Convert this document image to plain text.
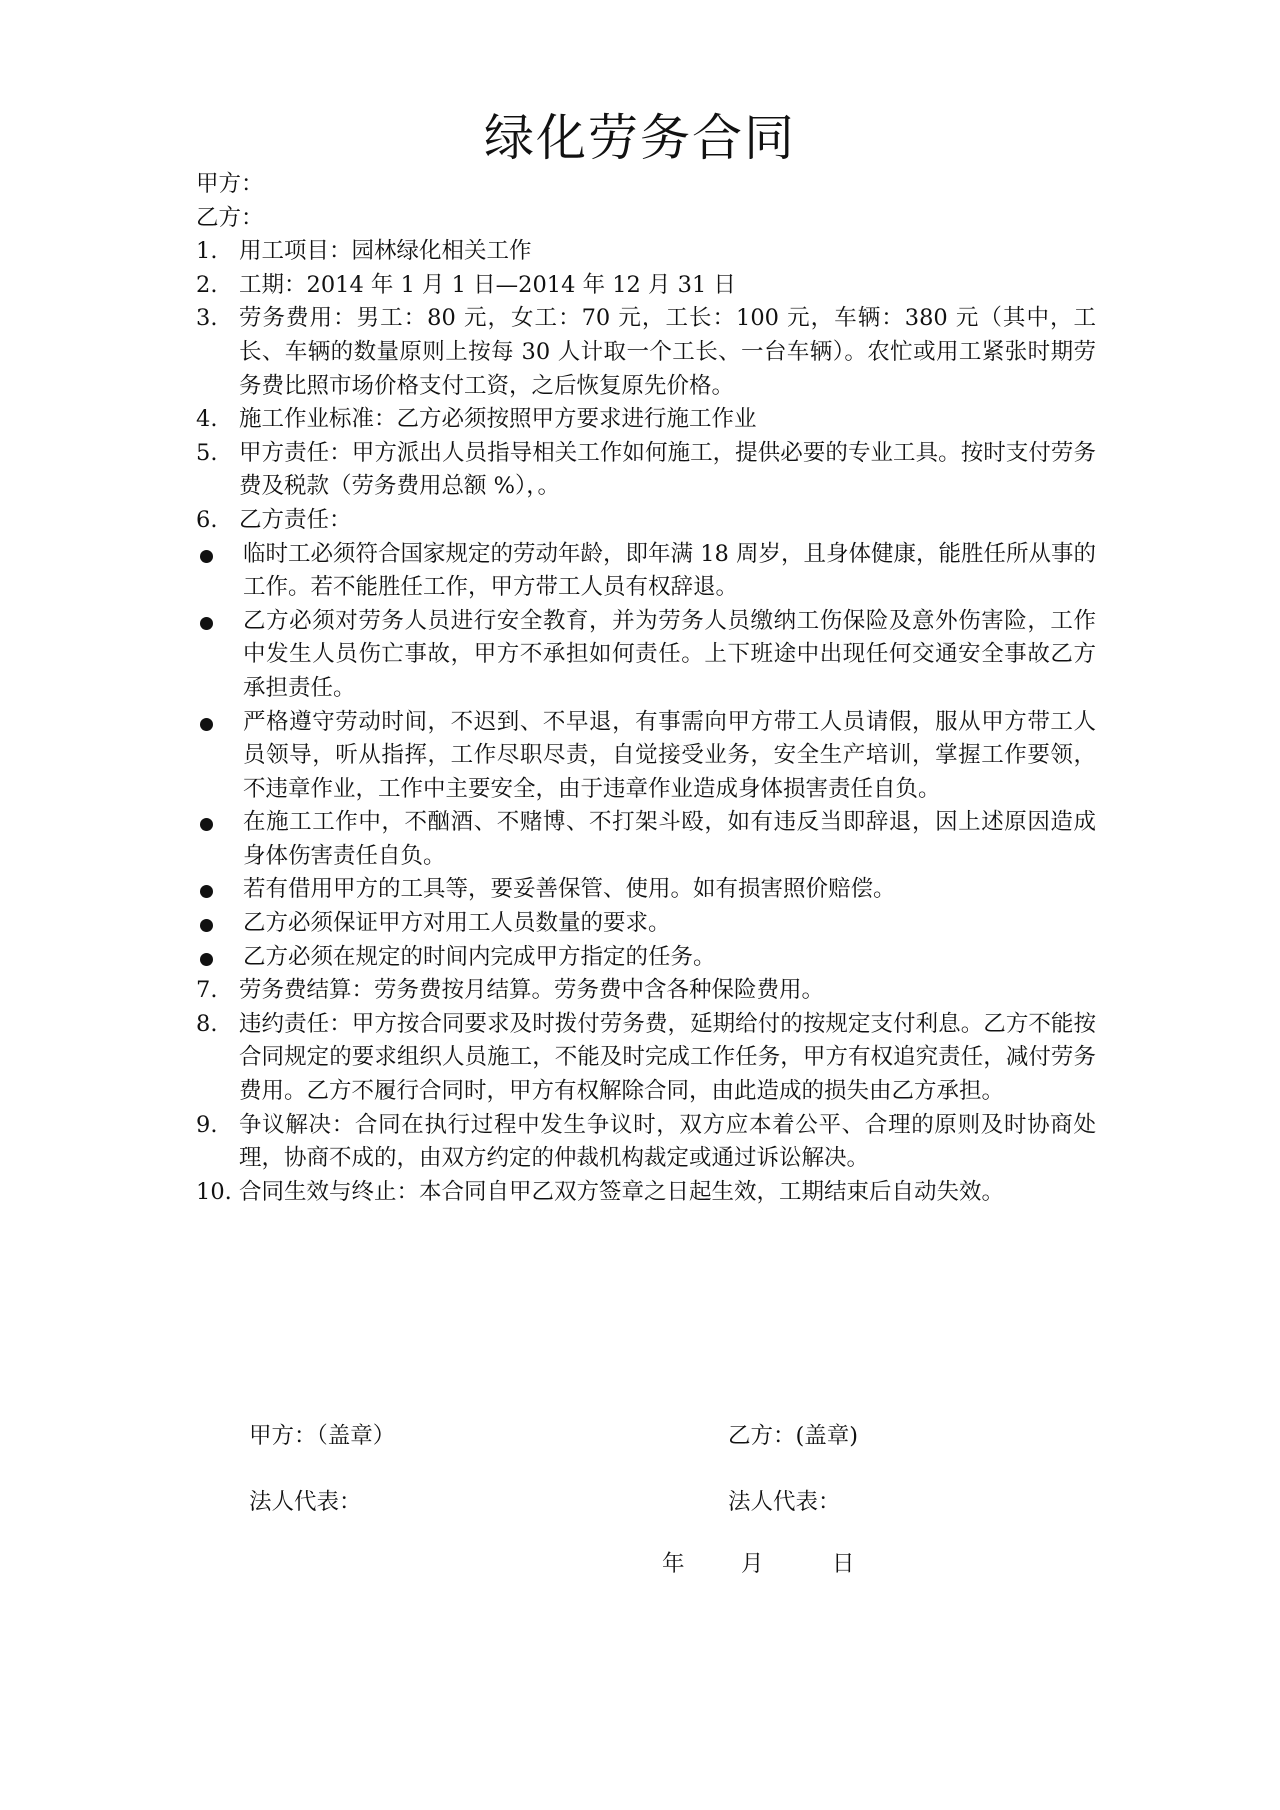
绿化劳务合同
甲方：
乙方：
1. 用工项目：园林绿化相关工作
2. 工期：2014 年 1 月 1 日—2014 年 12 月 31 日
3. 劳务费用：男工：80 元，女工：70 元，工长：100 元，车辆：380 元（其中，工长、车辆的数量原则上按每 30 人计取一个工长、一台车辆）。农忙或用工紧张时期劳务费比照市场价格支付工资，之后恢复原先价格。
4. 施工作业标准：乙方必须按照甲方要求进行施工作业
5. 甲方责任：甲方派出人员指导相关工作如何施工，提供必要的专业工具。按时支付劳务费及税款（劳务费用总额 %），。
6. 乙方责任：
临时工必须符合国家规定的劳动年龄，即年满 18 周岁，且身体健康，能胜任所从事的工作。若不能胜任工作，甲方带工人员有权辞退。
乙方必须对劳务人员进行安全教育，并为劳务人员缴纳工伤保险及意外伤害险，工作中发生人员伤亡事故，甲方不承担如何责任。上下班途中出现任何交通安全事故乙方承担责任。
严格遵守劳动时间，不迟到、不早退，有事需向甲方带工人员请假，服从甲方带工人员领导，听从指挥，工作尽职尽责，自觉接受业务，安全生产培训，掌握工作要领，不违章作业，工作中主要安全，由于违章作业造成身体损害责任自负。
在施工工作中，不酗酒、不赌博、不打架斗殴，如有违反当即辞退，因上述原因造成身体伤害责任自负。
若有借用甲方的工具等，要妥善保管、使用。如有损害照价赔偿。
乙方必须保证甲方对用工人员数量的要求。
乙方必须在规定的时间内完成甲方指定的任务。
7. 劳务费结算：劳务费按月结算。劳务费中含各种保险费用。
8. 违约责任：甲方按合同要求及时拨付劳务费，延期给付的按规定支付利息。乙方不能按合同规定的要求组织人员施工，不能及时完成工作任务，甲方有权追究责任，减付劳务费用。乙方不履行合同时，甲方有权解除合同，由此造成的损失由乙方承担。
9. 争议解决：合同在执行过程中发生争议时，双方应本着公平、合理的原则及时协商处理，协商不成的，由双方约定的仲裁机构裁定或通过诉讼解决。
10. 合同生效与终止：本合同自甲乙双方签章之日起生效，工期结束后自动失效。
甲方：（盖章）	乙方：(盖章)
法人代表：	法人代表：
年	月	日
